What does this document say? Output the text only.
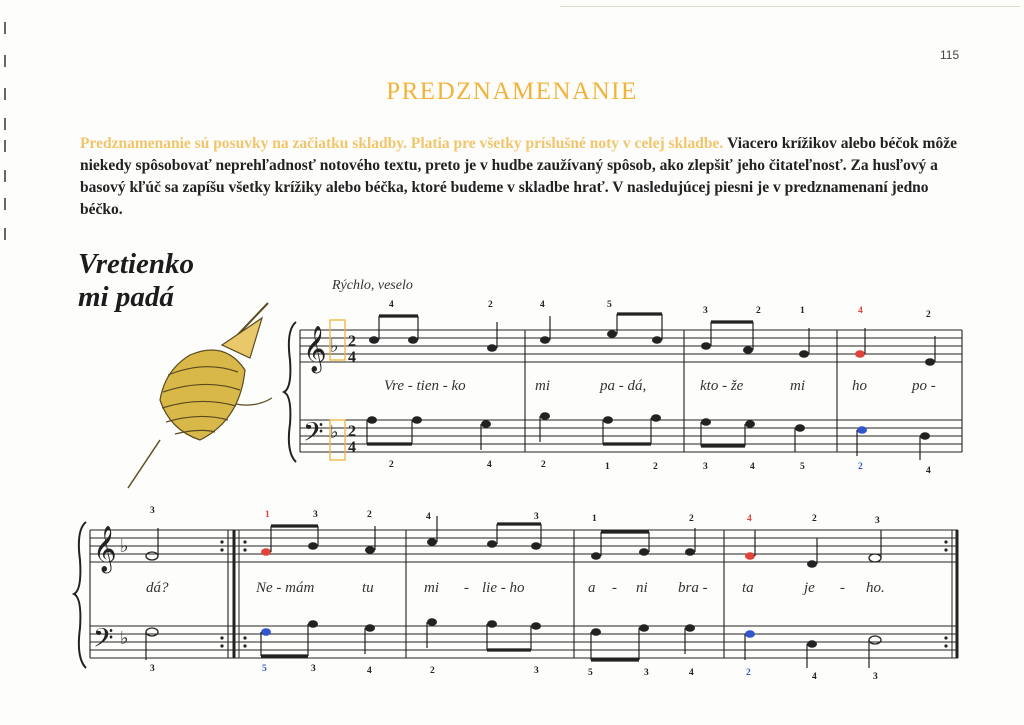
115
PREDZNAMENANIE
Predznamenanie sú posuvky na začiatku skladby. Platia pre všetky príslušné noty v celej skladbe. Viacero krížikov alebo béčok môže niekedy spôsobovať neprehľadnosť notového textu, preto je v hudbe zaužívaný spôsob, ako zlepšiť jeho čitateľnosť. Za husľový a basový kľúč sa zapíšu všetky krížiky alebo béčka, ktoré budeme v skladbe hrať. V nasledujúcej piesni je v predznamenaní jedno béčko.
Vretienko
mi padá	Rýchlo, veselo
𝄞
𝄢
♭
♭
2
4
2
4
𝄞
𝄢
♭
♭
Vre - tien - ko	mi	pa - dá,	kto - že	mi	ho	po -
4	2	4	5
3	2	1	4	2
2	4	2	1	2	3	4	5	2	4
dá?	Ne - mám	tu	mi - lie - ho	a - ni bra - ta	je - ho.
3	1	3	2	4	3	1	2	4	2	3
3	5	3	4	2	3	5	3	4	2	4	3
